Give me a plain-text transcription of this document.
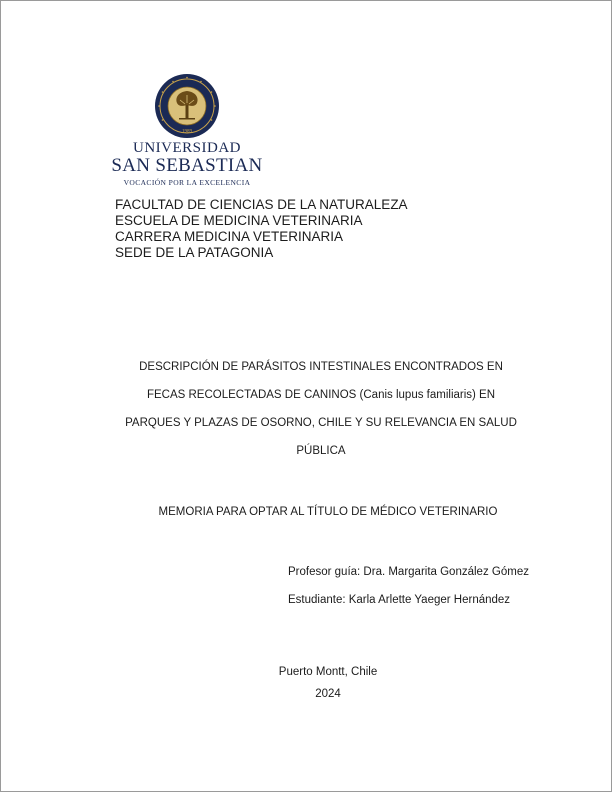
1989
UNIVERSIDAD
SAN SEBASTIAN
VOCACIÓN POR LA EXCELENCIA
FACULTAD DE CIENCIAS DE LA NATURALEZA
ESCUELA DE MEDICINA VETERINARIA
CARRERA MEDICINA VETERINARIA
SEDE DE LA PATAGONIA
DESCRIPCIÓN DE PARÁSITOS INTESTINALES ENCONTRADOS EN
FECAS RECOLECTADAS DE CANINOS (Canis lupus familiaris) EN
PARQUES Y PLAZAS DE OSORNO, CHILE Y SU RELEVANCIA EN SALUD
PÚBLICA
MEMORIA PARA OPTAR AL TÍTULO DE MÉDICO VETERINARIO
Profesor guía: Dra. Margarita González Gómez
Estudiante: Karla Arlette Yaeger Hernández
Puerto Montt, Chile
2024
